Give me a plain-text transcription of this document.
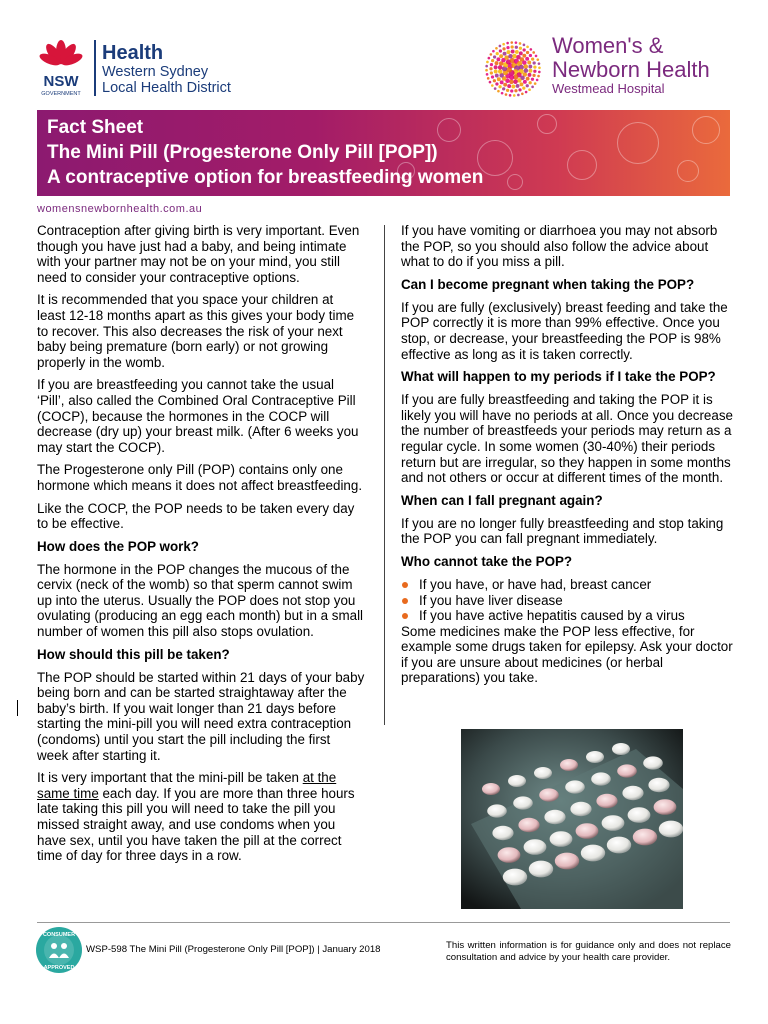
NSW
GOVERNMENT
Health
Western Sydney
Local Health District
Women's &
Newborn Health
Westmead Hospital
Fact Sheet
The Mini Pill (Progesterone Only Pill [POP])
A contraceptive option for breastfeeding women
womensnewbornhealth.com.au

Contraception after giving birth is very important. Even though you have just had a baby, and being intimate with your partner may not be on your mind, you still need to consider your contraceptive options.

It is recommended that you space your children at least 12-18 months apart as this gives your body time to recover. This also decreases the risk of your next baby being premature (born early) or not growing properly in the womb.

If you are breastfeeding you cannot take the usual ‘Pill’, also called the Combined Oral Contraceptive Pill (COCP), because the hormones in the COCP will decrease (dry up) your breast milk. (After 6 weeks you may start the COCP).

The Progesterone only Pill (POP) contains only one hormone which means it does not affect breastfeeding.

Like the COCP, the POP needs to be taken every day to be effective.

How does the POP work?

The hormone in the POP changes the mucous of the cervix (neck of the womb) so that sperm cannot swim up into the uterus. Usually the POP does not stop you ovulating (producing an egg each month) but in a small number of women this pill also stops ovulation.

How should this pill be taken?

The POP should be started within 21 days of your baby being born and can be started straightaway after the baby’s birth. If you wait longer than 21 days before starting the mini-pill you will need extra contraception (condoms) until you start the pill including the first week after starting it.

It is very important that the mini-pill be taken at the same time each day. If you are more than three hours late taking this pill you will need to take the pill you missed straight away, and use condoms when you have sex, until you have taken the pill at the correct time of day for three days in a row.

If you have vomiting or diarrhoea you may not absorb the POP, so you should also follow the advice about what to do if you miss a pill.

Can I become pregnant when taking the POP?

If you are fully (exclusively) breast feeding and take the POP correctly it is more than 99% effective. Once you stop, or decrease, your breastfeeding the POP is 98% effective as long as it is taken correctly.

What will happen to my periods if I take the POP?

If you are fully breastfeeding and taking the POP it is likely you will have no periods at all. Once you decrease the number of breastfeeds your periods may return as a regular cycle. In some women (30-40%) their periods return but are irregular, so they happen in some months and not others or occur at different times of the month.

When can I fall pregnant again?

If you are no longer fully breastfeeding and stop taking the POP you can fall pregnant immediately.

Who cannot take the POP?
If you have, or have had, breast cancer
If you have liver disease
If you have active hepatitis caused by a virus

Some medicines make the POP less effective, for example some drugs taken for epilepsy. Ask your doctor if you are unsure about medicines (or herbal preparations) you take.

CONSUMER
APPROVED
WSP-598 The Mini Pill (Progesterone Only Pill [POP]) | January 2018	This written information is for guidance only and does not replace consultation and advice by your health care provider.
